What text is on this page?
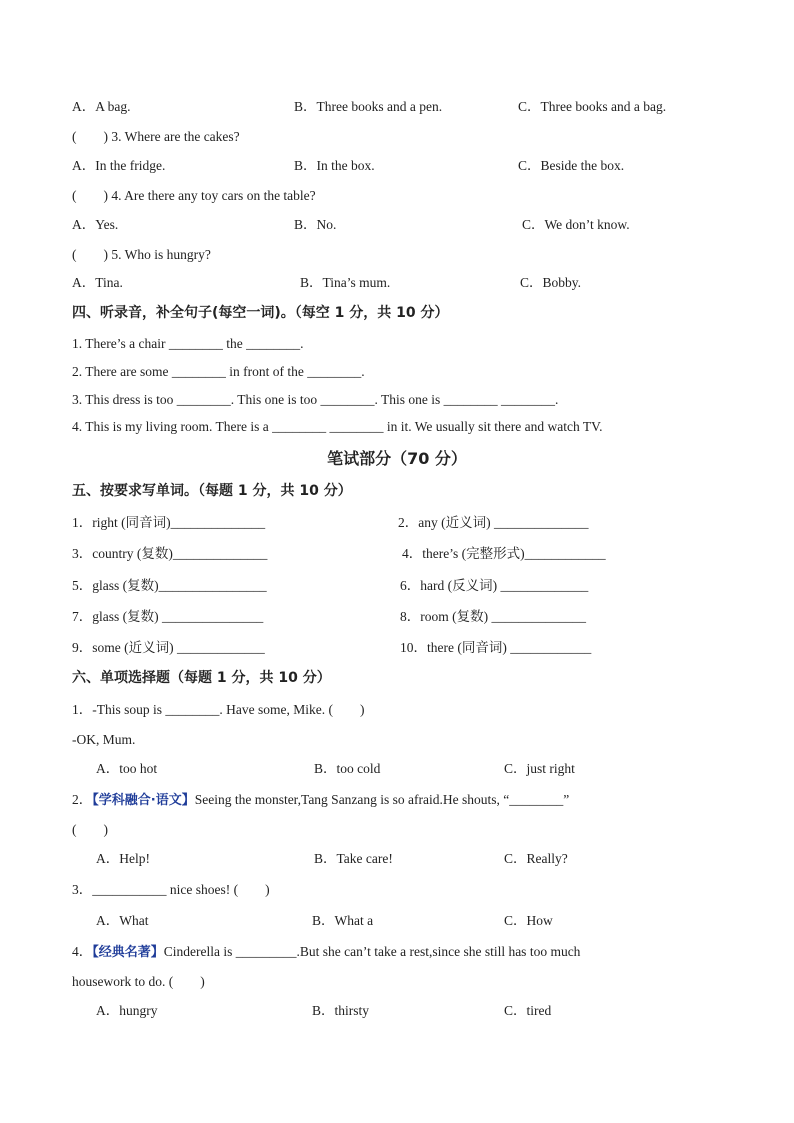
A．A bag.	B．Three books and a pen.	C．Three books and a bag.
(　　) 3. Where are the cakes?
A．In the fridge.	B．In the box.	C．Beside the box.
(　　) 4. Are there any toy cars on the table?
A．Yes.	B．No.	C．We don’t know.
(　　) 5. Who is hungry?
A．Tina.	B．Tina’s mum.	C．Bobby.
四、听录音，补全句子(每空一词)。（每空 1 分，共 10 分）
1. There’s a chair ________ the ________.
2. There are some ________ in front of the ________.
3. This dress is too ________. This one is too ________. This one is ________ ________.
4. This is my living room. There is a ________ ________ in it. We usually sit there and watch TV.
笔试部分（70 分）
五、按要求写单词。（每题 1 分，共 10 分）
1．right (同音词)______________	2．any (近义词) ______________
3．country (复数)______________	4．there’s (完整形式)____________
5．glass (复数)________________	6．hard (反义词) _____________
7．glass (复数) _______________	8．room (复数) ______________
9．some (近义词) _____________	10．there (同音词) ____________
六、单项选择题（每题 1 分，共 10 分）
1．-This soup is ________. Have some, Mike. (　　)
-OK, Mum.
A．too hot	B．too cold	C．just right
2．【学科融合·语文】Seeing the monster,Tang Sanzang is so afraid.He shouts, “________”
(　　)
A．Help!	B．Take care!	C．Really?
3．___________ nice shoes! (　　)
A．What	B．What a	C．How
4．【经典名著】Cinderella is _________.But she can’t take a rest,since she still has too much
housework to do. (　　)
A．hungry	B．thirsty	C．tired
